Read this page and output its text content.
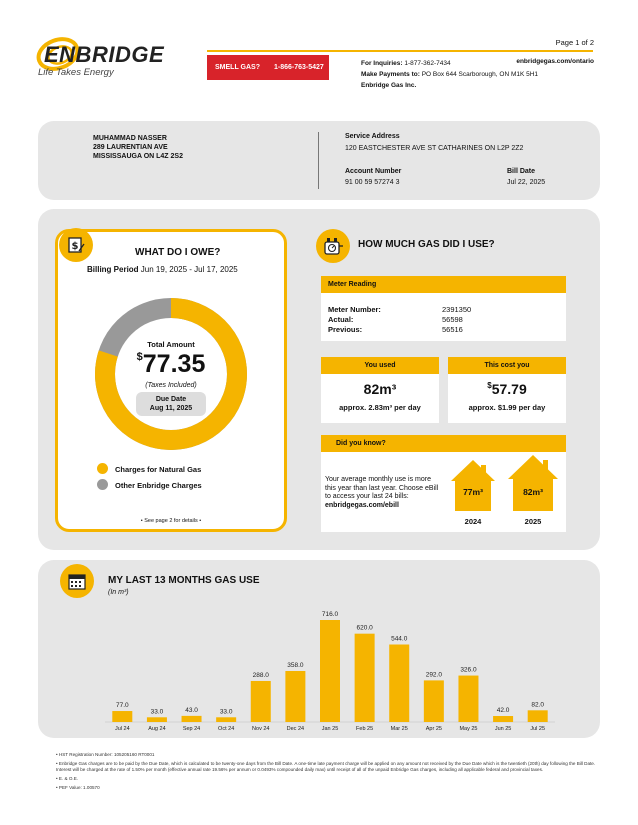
ENBRIDGE
Life Takes Energy	SMELL GAS? 1-866-763-5427
Page 1 of 2
For Inquiries: 1-877-362-7434
Make Payments to: PO Box 644 Scarborough, ON M1K 5H1
Enbridge Gas Inc.
enbridgegas.com/ontario
MUHAMMAD NASSER
289 LAURENTIAN AVE
MISSISSAUGA ON L4Z 2S2
Service Address
120 EASTCHESTER AVE ST CATHARINES ON L2P 2Z2
Account Number
91 00 59 57274 3
Bill Date
Jul 22, 2025
$
WHAT DO I OWE?
Billing Period Jun 19, 2025 - Jul 17, 2025
Total Amount
$77.35
(Taxes Included)
Due Date
Aug 11, 2025
Charges for Natural Gas
Other Enbridge Charges
• See page 2 for details •
HOW MUCH GAS DID I USE?
Meter Reading
Meter Number:
Actual:
Previous:
2391350
56598
56516
You used
82m³
approx. 2.83m³ per day
This cost you
$57.79
approx. $1.99 per day
Did you know?
Your average monthly use is more this year than last year. Choose eBill to access your last 24 bills:
enbridgegas.com/ebill
77m³
2024
82m³
2025
MY LAST 13 MONTHS GAS USE
(In m³)
77.0
Jul 24
33.0
Aug 24
43.0
Sep 24
33.0
Oct 24
288.0
Nov 24
358.0
Dec 24
716.0
Jan 25
620.0
Feb 25
544.0
Mar 25
292.0
Apr 25
326.0
May 25
42.0
Jun 25
82.0
Jul 25
• HST Registration Number: 105205160 RT0001
• Enbridge Gas charges are to be paid by the Due Date, which is calculated to be twenty-one days from the Bill Date. A one-time late payment charge will be applied on any amount not received by the Due Date which is the twentieth (20th) day following the Bill Date. Interest will be charged at the rate of 1.50% per month (effective annual rate 19.56% per annum or 0.0493% compounded daily max) until receipt of all of the unpaid Enbridge Gas charges, including all applicable federal and provincial taxes.
• E. & O.E.
• PEF Value: 1.00570
